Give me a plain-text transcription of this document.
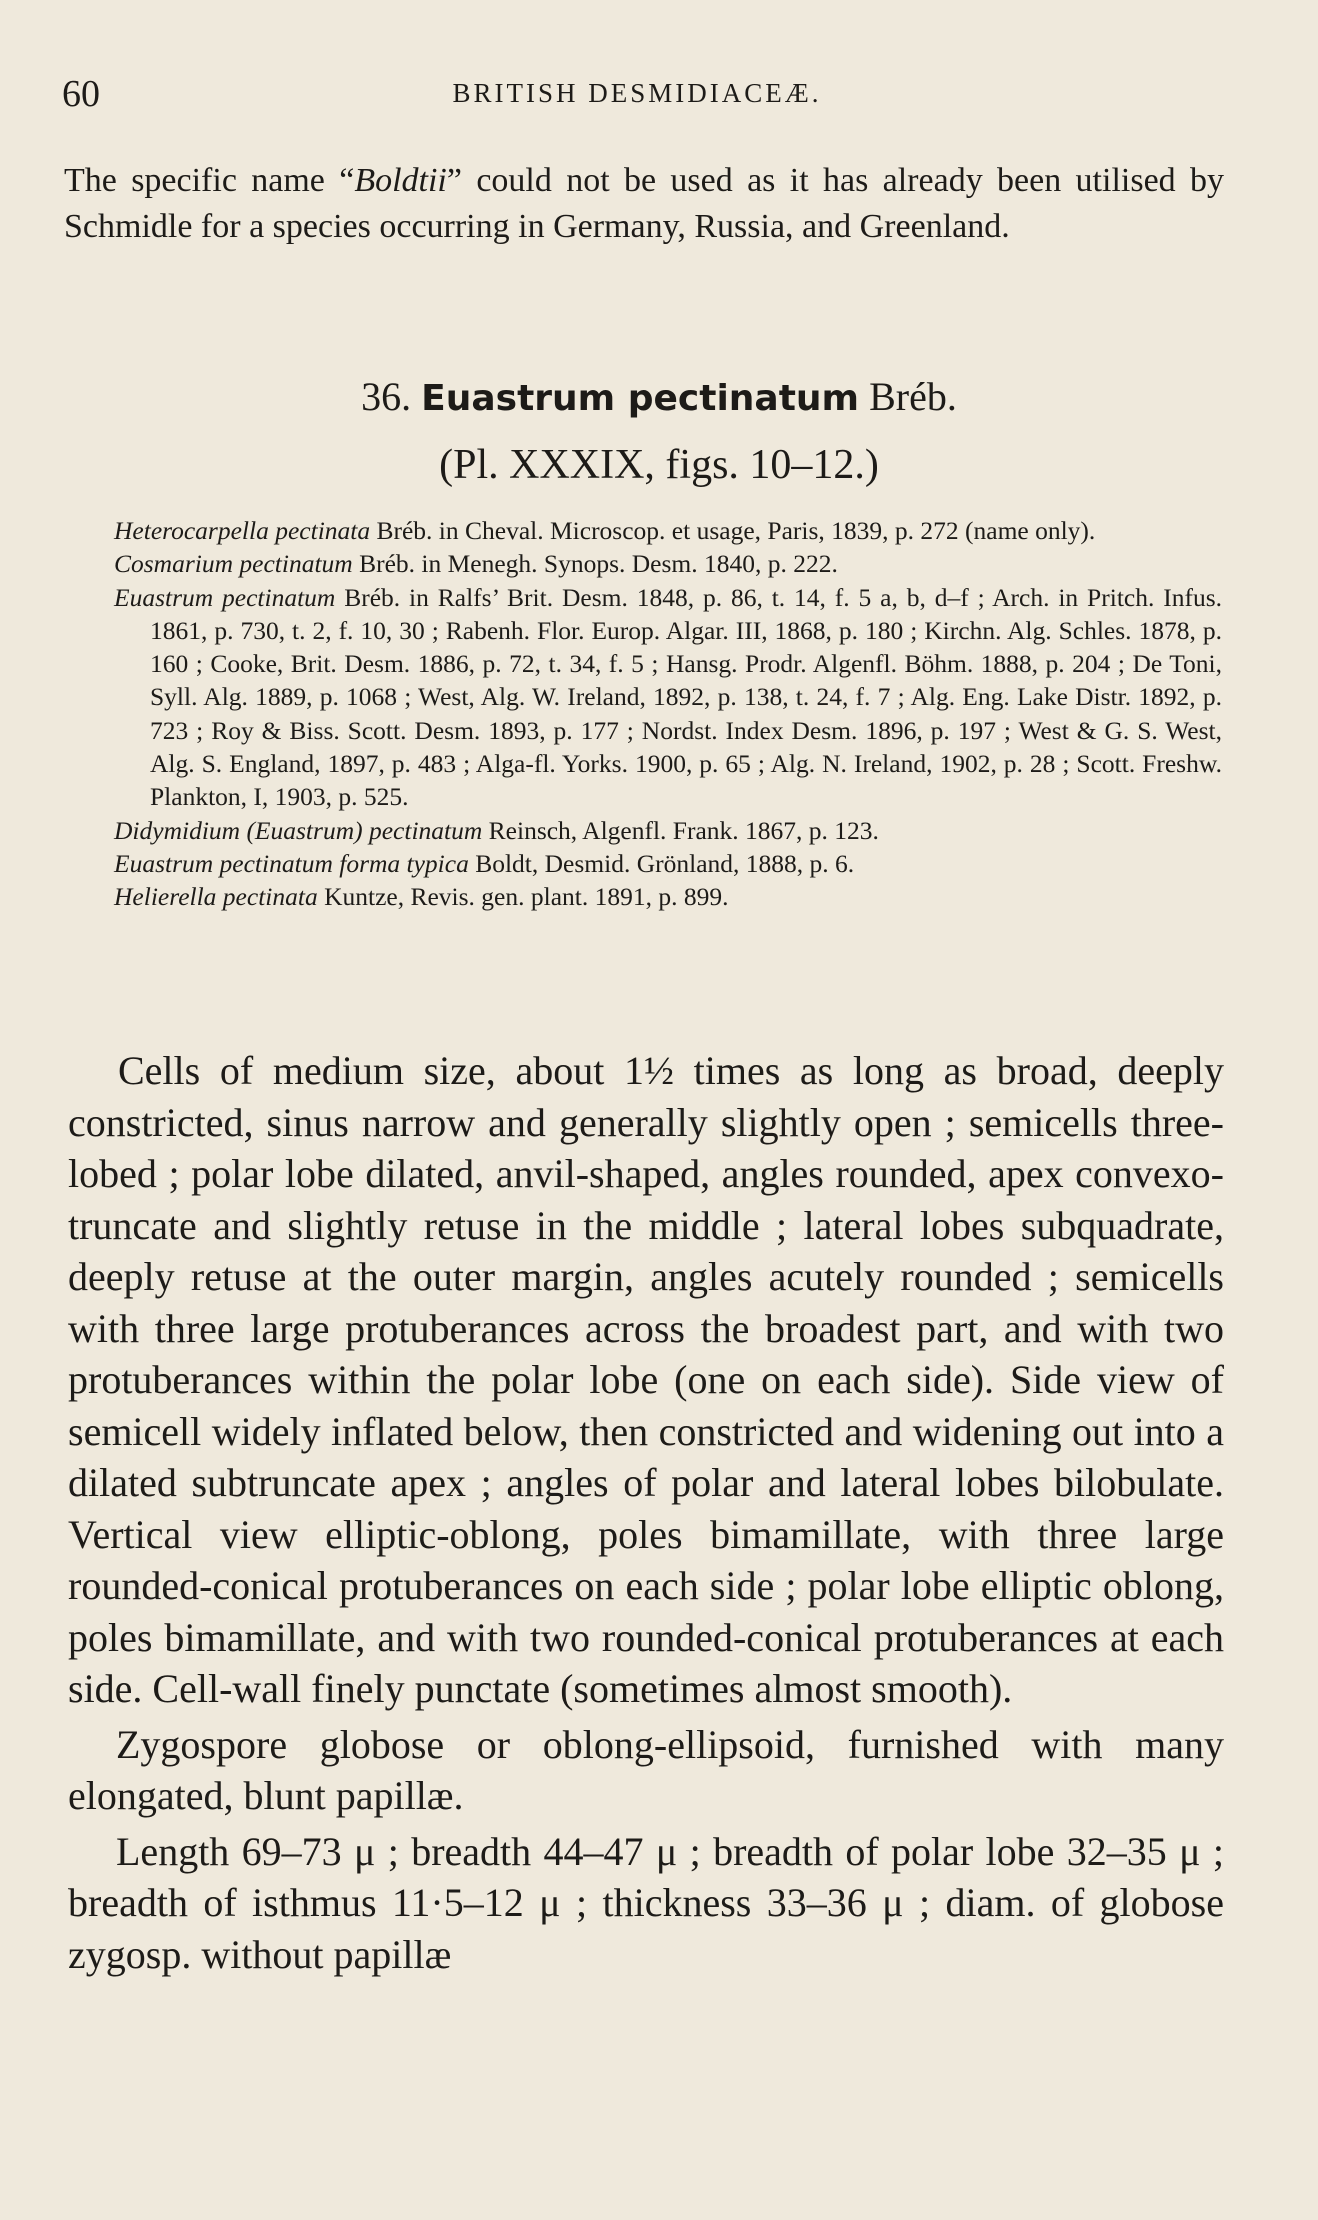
60	BRITISH DESMIDIACEÆ.
The specific name “Boldtii” could not be used as it has already been utilised by Schmidle for a species occurring in Germany, Russia, and Greenland.
36. Euastrum pectinatum Bréb.
(Pl. XXXIX, figs. 10–12.)
Heterocarpella pectinata Bréb. in Cheval. Microscop. et usage, Paris, 1839, p. 272 (name only).
Cosmarium pectinatum Bréb. in Menegh. Synops. Desm. 1840, p. 222.
Euastrum pectinatum Bréb. in Ralfs’ Brit. Desm. 1848, p. 86, t. 14, f. 5 a, b, d–f ; Arch. in Pritch. Infus. 1861, p. 730, t. 2, f. 10, 30 ; Rabenh. Flor. Europ. Algar. III, 1868, p. 180 ; Kirchn. Alg. Schles. 1878, p. 160 ; Cooke, Brit. Desm. 1886, p. 72, t. 34, f. 5 ; Hansg. Prodr. Algenfl. Böhm. 1888, p. 204 ; De Toni, Syll. Alg. 1889, p. 1068 ; West, Alg. W. Ireland, 1892, p. 138, t. 24, f. 7 ; Alg. Eng. Lake Distr. 1892, p. 723 ; Roy & Biss. Scott. Desm. 1893, p. 177 ; Nordst. Index Desm. 1896, p. 197 ; West & G. S. West, Alg. S. England, 1897, p. 483 ; Alga-fl. Yorks. 1900, p. 65 ; Alg. N. Ireland, 1902, p. 28 ; Scott. Freshw. Plankton, I, 1903, p. 525.
Didymidium (Euastrum) pectinatum Reinsch, Algenfl. Frank. 1867, p. 123.
Euastrum pectinatum forma typica Boldt, Desmid. Grönland, 1888, p. 6.
Helierella pectinata Kuntze, Revis. gen. plant. 1891, p. 899.

Cells of medium size, about 1½ times as long as broad, deeply constricted, sinus narrow and generally slightly open ; semicells three-lobed ; polar lobe dilated, anvil-shaped, angles rounded, apex convexo-truncate and slightly retuse in the middle ; lateral lobes subquadrate, deeply retuse at the outer margin, angles acutely rounded ; semicells with three large protuberances across the broadest part, and with two protuberances within the polar lobe (one on each side). Side view of semicell widely inflated below, then constricted and widening out into a dilated subtruncate apex ; angles of polar and lateral lobes bilobulate. Vertical view elliptic-oblong, poles bimamillate, with three large rounded-conical protuberances on each side ; polar lobe elliptic oblong, poles bimamillate, and with two rounded-conical protuberances at each side. Cell-wall finely punctate (sometimes almost smooth).

Zygospore globose or oblong-ellipsoid, furnished with many elongated, blunt papillæ.

Length 69–73 μ ; breadth 44–47 μ ; breadth of polar lobe 32–35 μ ; breadth of isthmus 11·5–12 μ ; thickness 33–36 μ ; diam. of globose zygosp. without papillæ
